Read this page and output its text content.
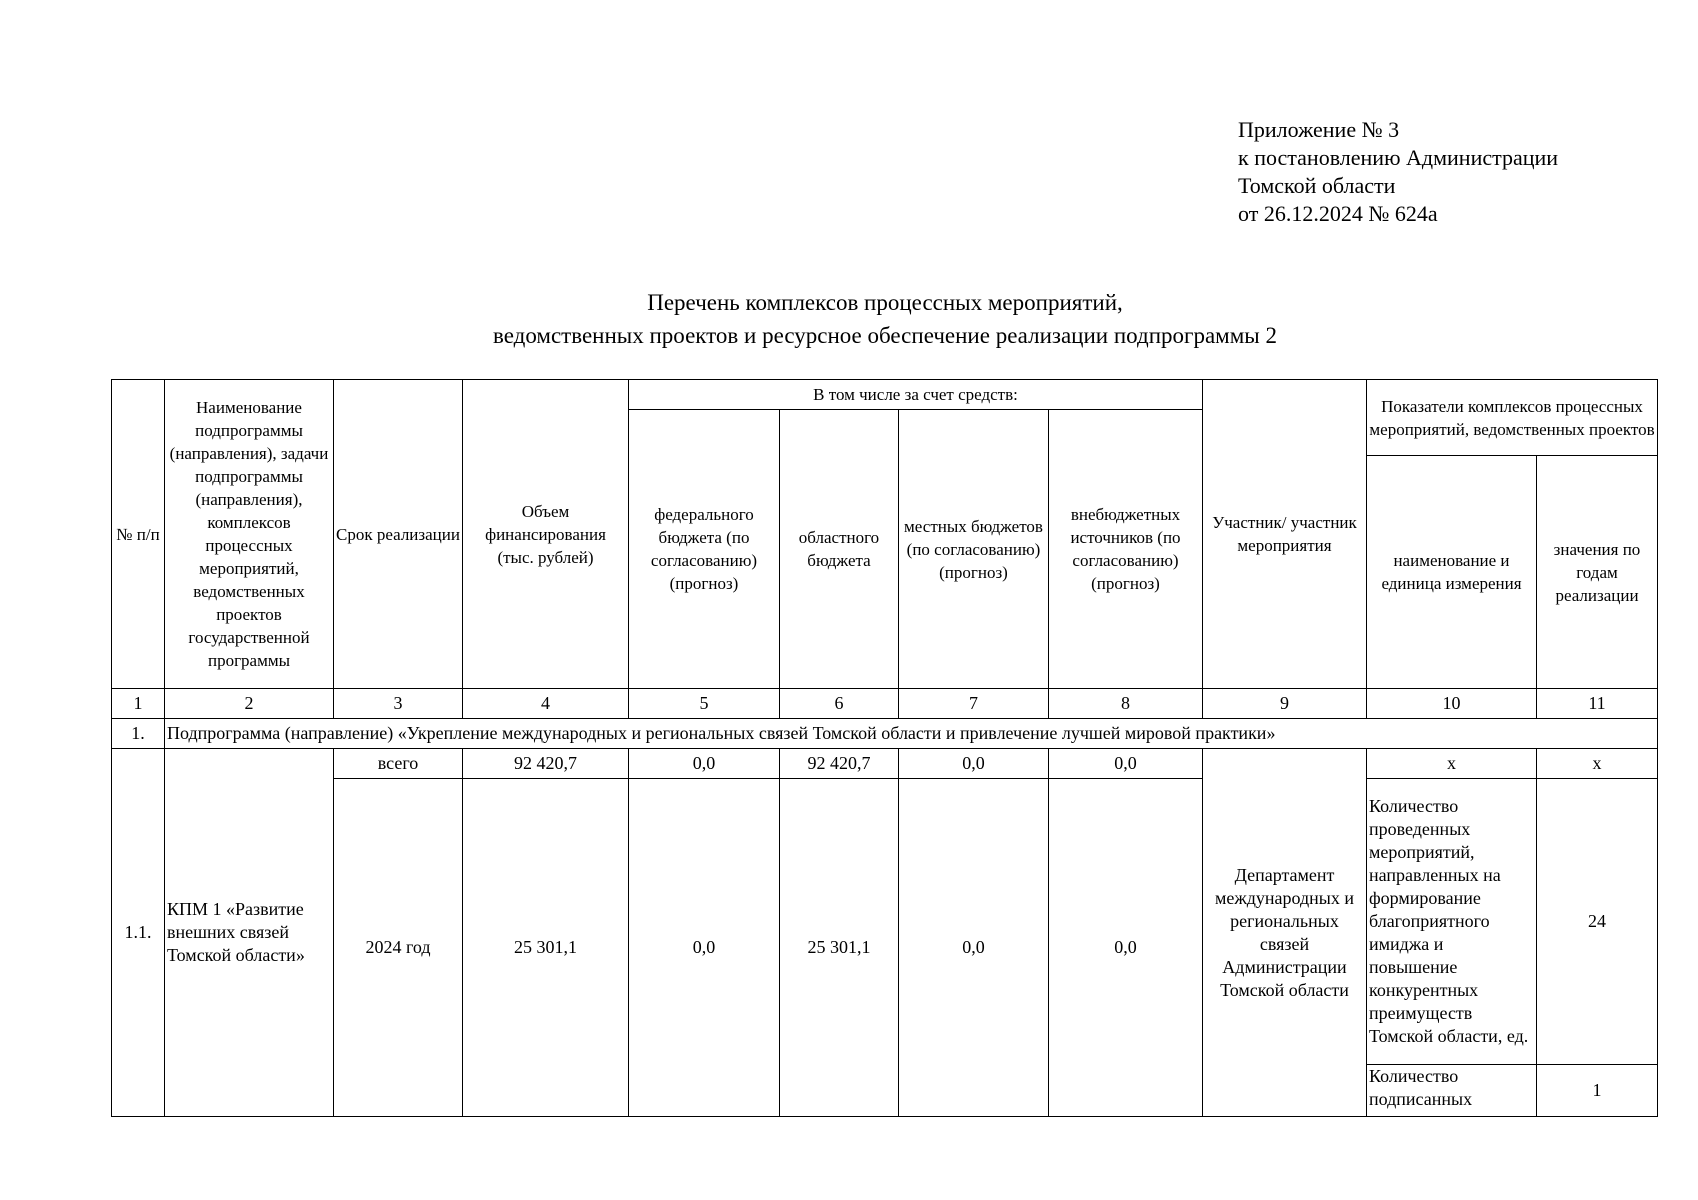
Приложение № 3
к постановлению Администрации
Томской области
от 26.12.2024 № 624а
Перечень комплексов процессных мероприятий,
ведомственных проектов и ресурсное обеспечение реализации подпрограммы 2
№ п/п	Наименование подпрограммы (направления), задачи подпрограммы (направления), комплексов процессных мероприятий, ведомственных проектов государственной программы	Срок реализации	Объем финансирования (тыс. рублей)	В том числе за счет средств:				Участник/ участник мероприятия	Показатели комплексов процессных мероприятий, ведомственных проектов	
				федерального бюджета (по согласованию) (прогноз)	областного бюджета	местных бюджетов (по согласованию) (прогноз)	внебюджетных источников (по согласованию) (прогноз)			
									наименование и единица измерения	значения по годам реализации
1	2	3	4	5	6	7	8	9	10	11
1.	Подпрограмма (направление) «Укрепление международных и региональных связей Томской области и привлечение лучшей мировой практики»									
1.1.	КПМ 1 «Развитие внешних связей Томской области»	всего	92 420,7	0,0	92 420,7	0,0	0,0	Департамент международных и региональных связей Администрации Томской области	х	х
		2024 год	25 301,1	0,0	25 301,1	0,0	0,0		Количество проведенных мероприятий, направленных на формирование благоприятного имиджа и повышение конкурентных преимуществ Томской области, ед.	24
									Количество подписанных	1
